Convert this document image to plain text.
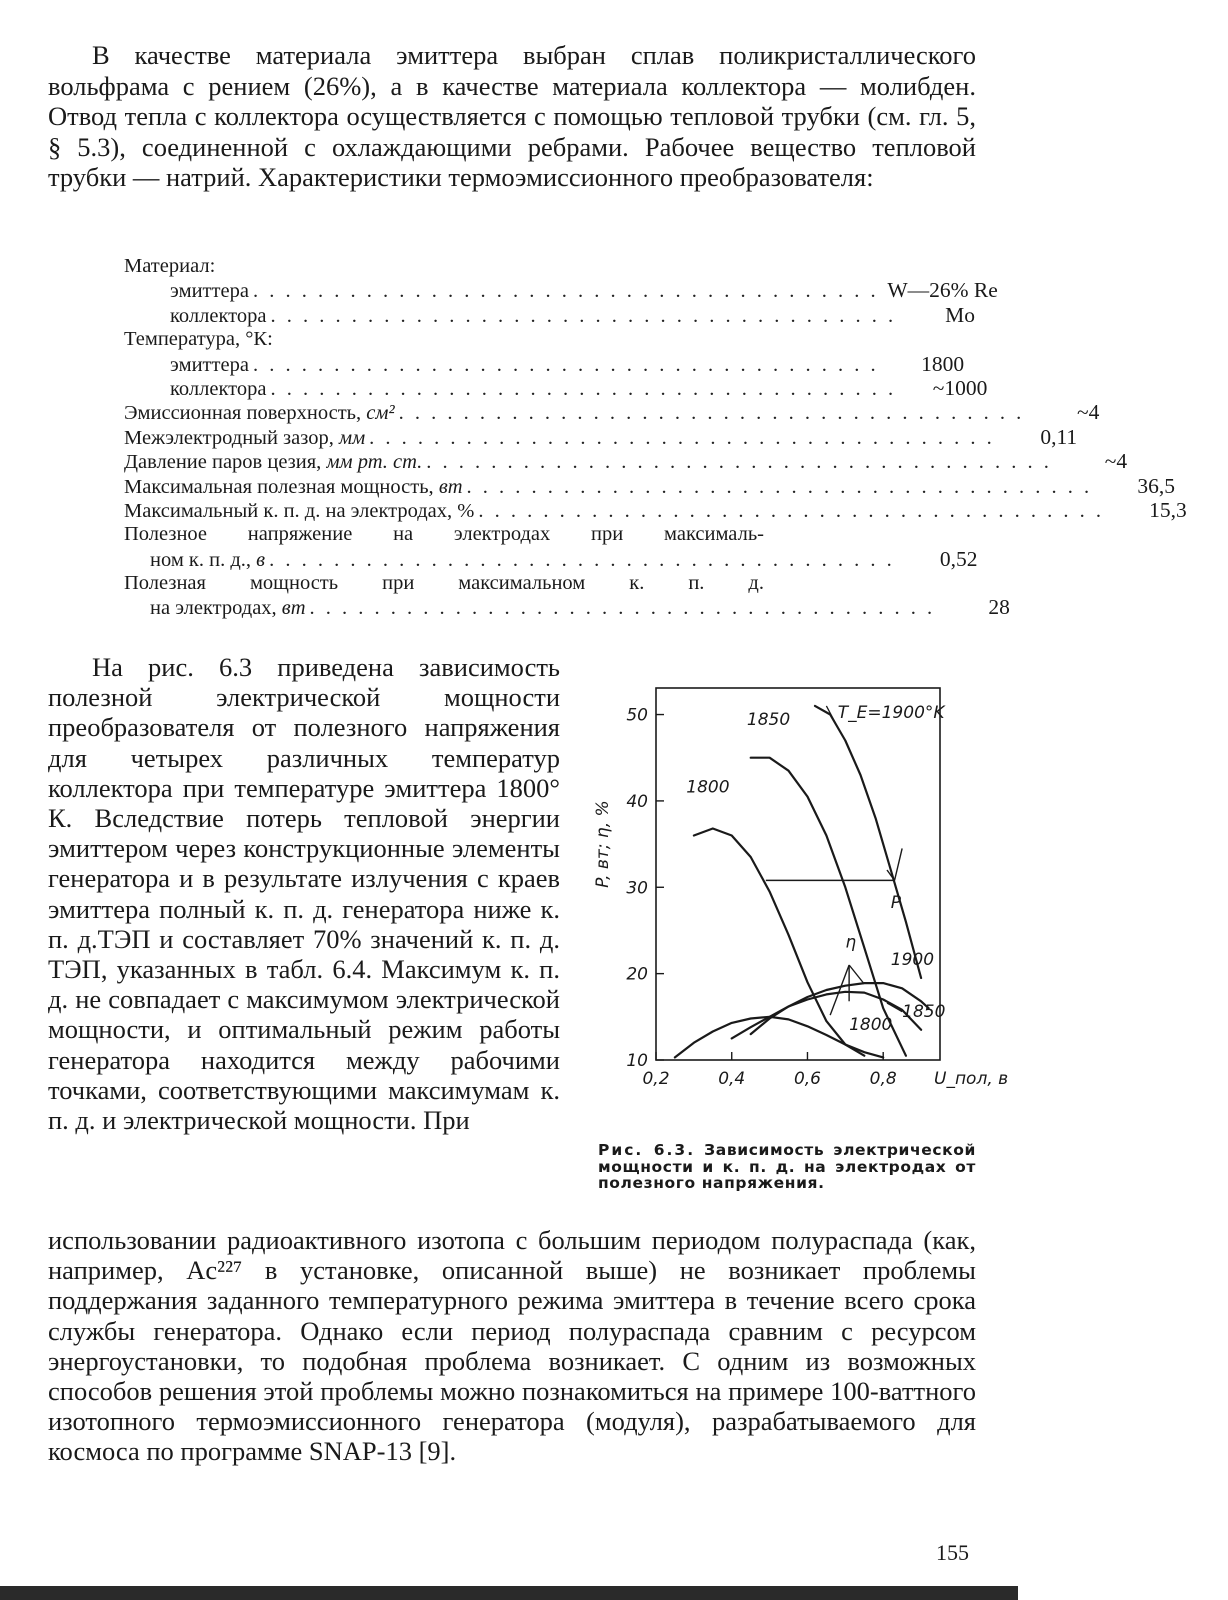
В качестве материала эмиттера выбран сплав поликристаллического вольфрама с рением (26%), а в качестве материала коллектора — молибден. Отвод тепла с коллектора осуществляется с помощью тепловой трубки (см. гл. 5, § 5.3), соединенной с охлаждающими ребрами. Рабочее вещество тепловой трубки — натрий. Характеристики термоэмиссионного преобразователя:

Материал:
эмиттера . . . . . . . . . . . . . . . . . . . . . . . . . . . . . . . . . . . . . . . W—26% Re
коллектора . . . . . . . . . . . . . . . . . . . . . . . . . . . . . . . . . . . . . . .	Mo
Температура, °К:
эмиттера . . . . . . . . . . . . . . . . . . . . . . . . . . . . . . . . . . . . . . .	1800
коллектора . . . . . . . . . . . . . . . . . . . . . . . . . . . . . . . . . . . . . . .	~1000
Эмиссионная поверхность, см² . . . . . . . . . . . . . . . . . . . . . . . . . . . . . . . . . . . . . . .	~4
Межэлектродный зазор, мм . . . . . . . . . . . . . . . . . . . . . . . . . . . . . . . . . . . . . . .	0,11
Давление паров цезия, мм рт. ст. . . . . . . . . . . . . . . . . . . . . . . . . . . . . . . . . . . . . . . .	~4
Максимальная полезная мощность, вт . . . . . . . . . . . . . . . . . . . . . . . . . . . . . . . . . . . . . . .	36,5
Максимальный к. п. д. на электродах, % . . . . . . . . . . . . . . . . . . . . . . . . . . . . . . . . . . . . . . .	15,3
Полезное напряжение на электродах при максималь-
ном к. п. д., в . . . . . . . . . . . . . . . . . . . . . . . . . . . . . . . . . . . . . . .	0,52
Полезная мощность при максимальном к. п. д.
на электродах, вт . . . . . . . . . . . . . . . . . . . . . . . . . . . . . . . . . . . . . . .	28

На рис. 6.3 приведена зависимость полезной электрической мощности преобразователя от полезного напряжения для четырех различных температур коллектора при температуре эмиттера 1800° К. Вследствие потерь тепловой энергии эмиттером через конструкционные элементы генератора и в результате излучения с краев эмиттера полный к. п. д. генератора ниже к. п. д.ТЭП и составляет 70% значений к. п. д. ТЭП, указанных в табл. 6.4. Максимум к. п. д. не совпадает с максимумом электрической мощности, и оптимальный режим работы генератора находится между рабочими точками, соответствующими максимумам к. п. д. и электрической мощности. При

10
20
30
40
50
0,2	0,4	0,6	0,8 U_пол, в
P, вт; η, %
1850
1800
T_E=1900°K
P
η
1900
1850
1800
Рис. 6.3. Зависимость электрической мощности и к. п. д. на электродах от полезного напряжения.

использовании радиоактивного изотопа с большим периодом полураспада (как, например, Ac²²⁷ в установке, описанной выше) не возникает проблемы поддержания заданного температурного режима эмиттера в течение всего срока службы генератора. Однако если период полураспада сравним с ресурсом энергоустановки, то подобная проблема возникает. С одним из возможных способов решения этой проблемы можно познакомиться на примере 100-ваттного изотопного термоэмиссионного генератора (модуля), разрабатываемого для космоса по программе SNAP-13 [9].

155
